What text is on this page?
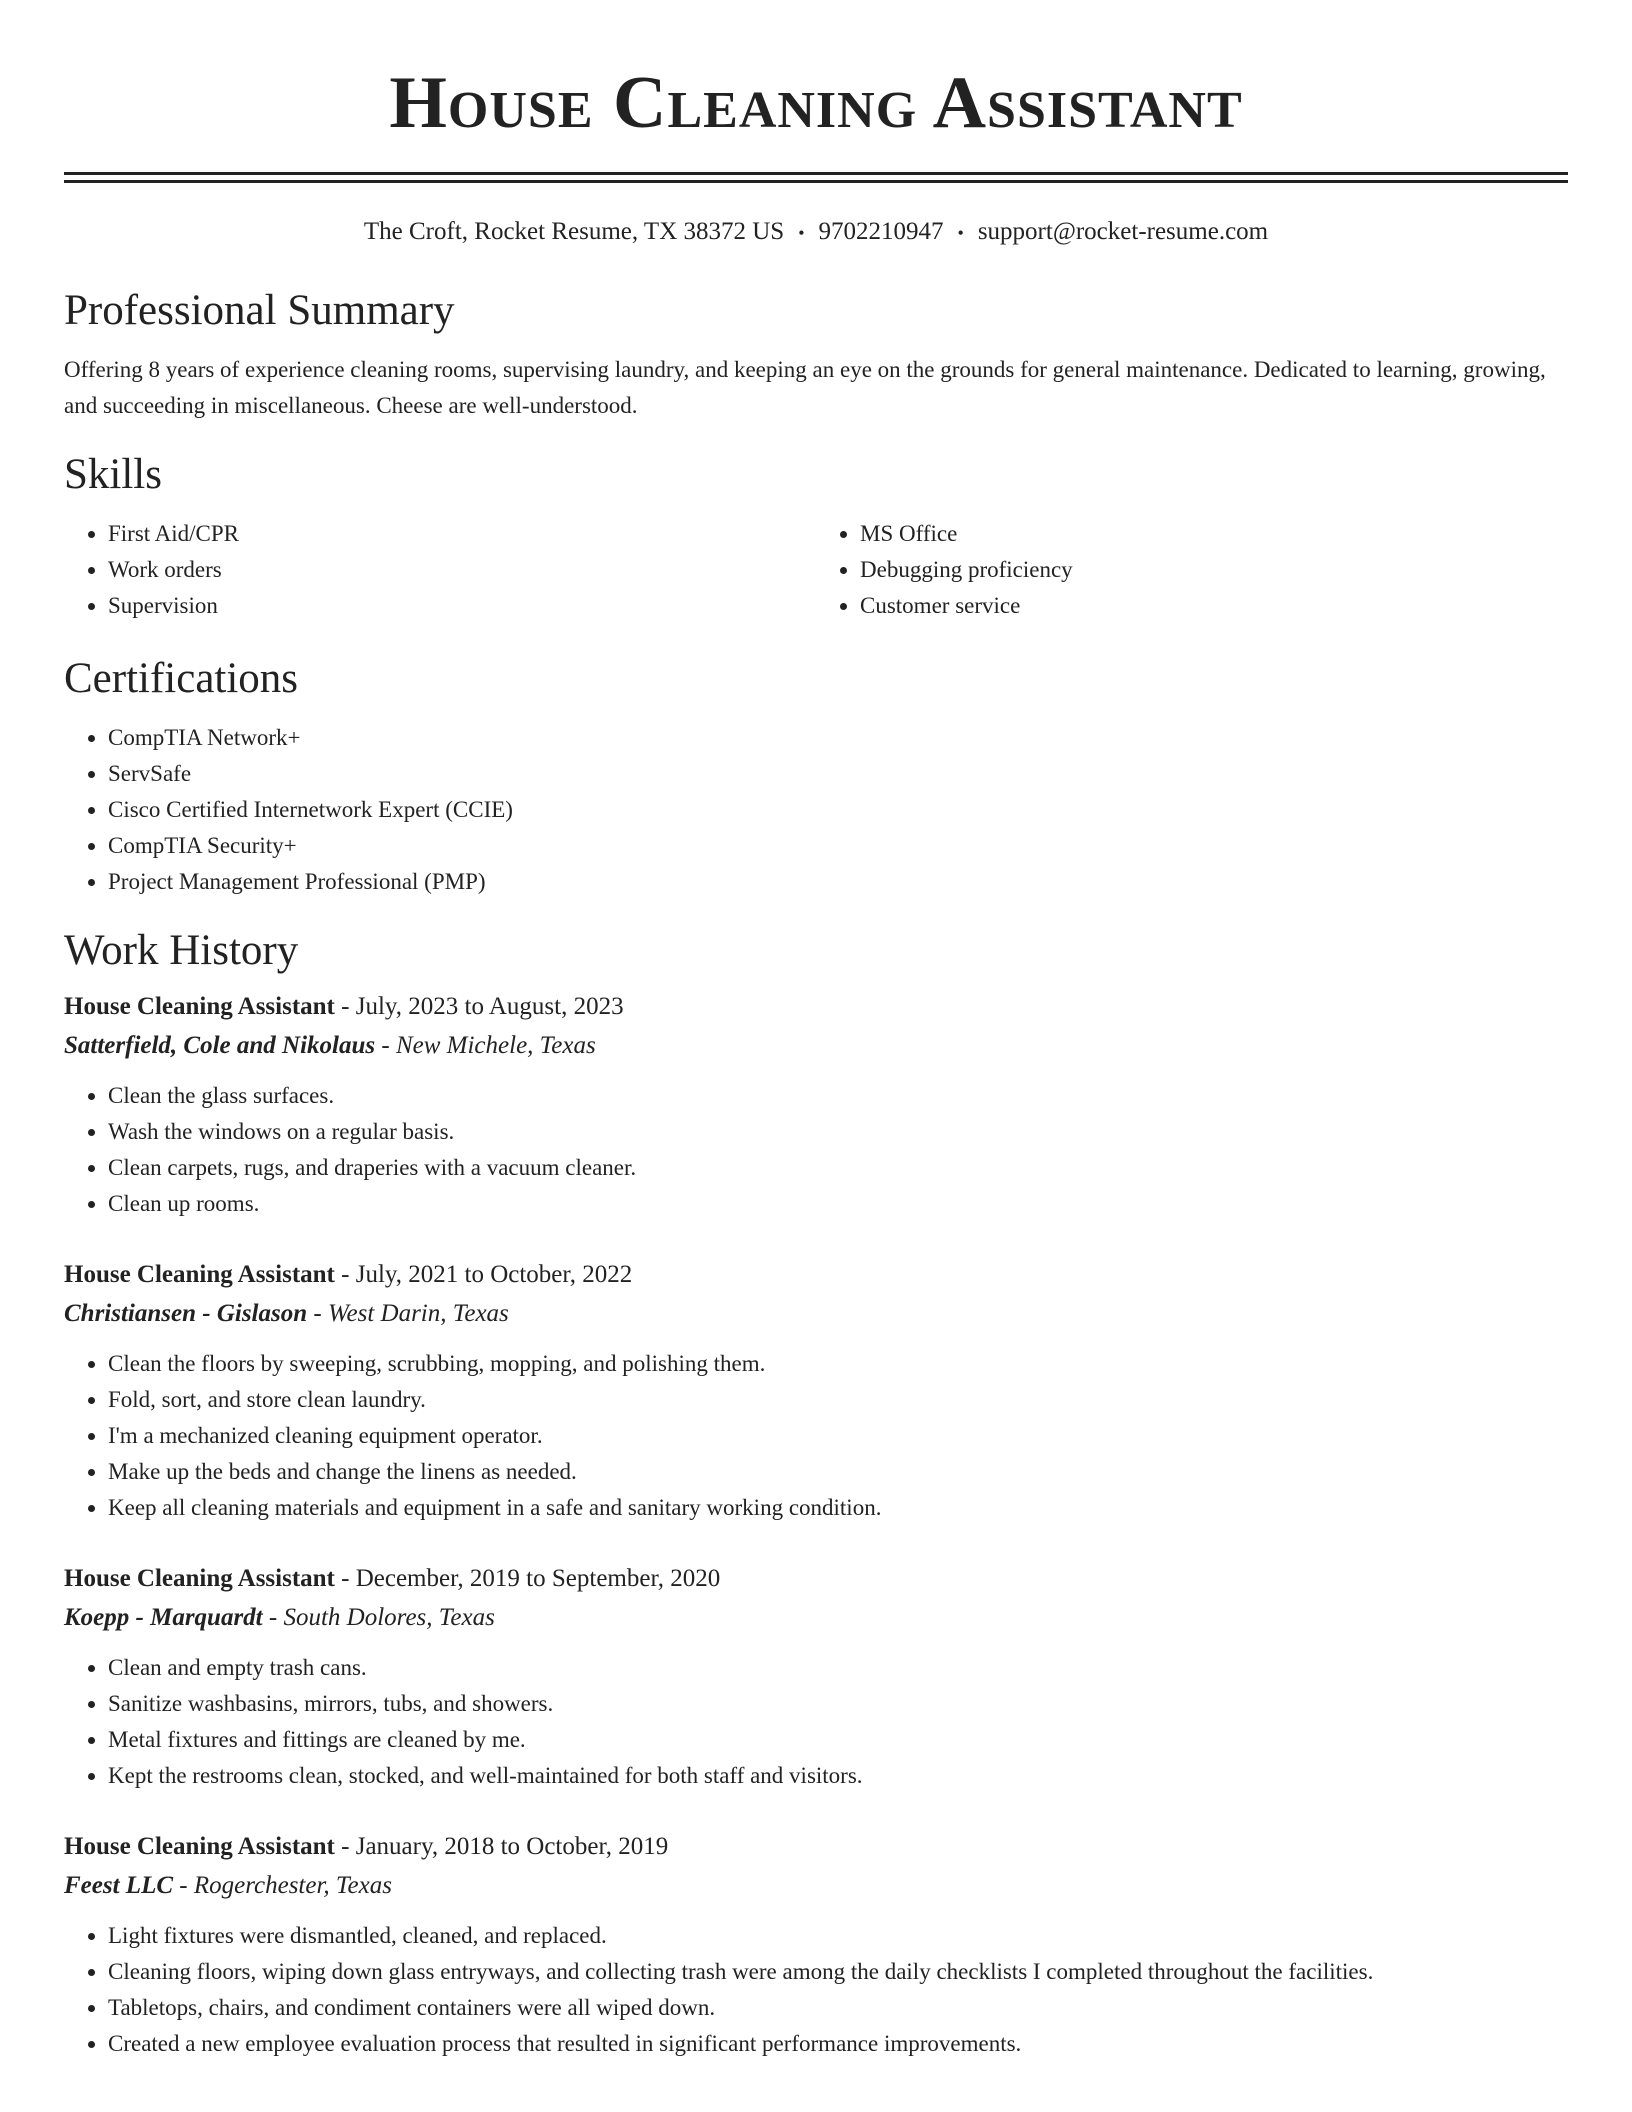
House Cleaning Assistant
The Croft, Rocket Resume, TX 38372 US • 9702210947 • support@rocket-resume.com
Professional Summary

Offering 8 years of experience cleaning rooms, supervising laundry, and keeping an eye on the grounds for general maintenance. Dedicated to learning, growing, and succeeding in miscellaneous. Cheese are well-understood.

Skills
• First Aid/CPR
• Work orders
• Supervision
• MS Office
• Debugging proficiency
• Customer service
Certifications
• CompTIA Network+
• ServSafe
• Cisco Certified Internetwork Expert (CCIE)
• CompTIA Security+
• Project Management Professional (PMP)
Work History
House Cleaning Assistant - July, 2023 to August, 2023
Satterfield, Cole and Nikolaus - New Michele, Texas
• Clean the glass surfaces.
• Wash the windows on a regular basis.
• Clean carpets, rugs, and draperies with a vacuum cleaner.
• Clean up rooms.
House Cleaning Assistant - July, 2021 to October, 2022
Christiansen - Gislason - West Darin, Texas
• Clean the floors by sweeping, scrubbing, mopping, and polishing them.
• Fold, sort, and store clean laundry.
• I'm a mechanized cleaning equipment operator.
• Make up the beds and change the linens as needed.
• Keep all cleaning materials and equipment in a safe and sanitary working condition.
House Cleaning Assistant - December, 2019 to September, 2020
Koepp - Marquardt - South Dolores, Texas
• Clean and empty trash cans.
• Sanitize washbasins, mirrors, tubs, and showers.
• Metal fixtures and fittings are cleaned by me.
• Kept the restrooms clean, stocked, and well-maintained for both staff and visitors.
House Cleaning Assistant - January, 2018 to October, 2019
Feest LLC - Rogerchester, Texas
• Light fixtures were dismantled, cleaned, and replaced.
• Cleaning floors, wiping down glass entryways, and collecting trash were among the daily checklists I completed throughout the facilities.
• Tabletops, chairs, and condiment containers were all wiped down.
• Created a new employee evaluation process that resulted in significant performance improvements.
